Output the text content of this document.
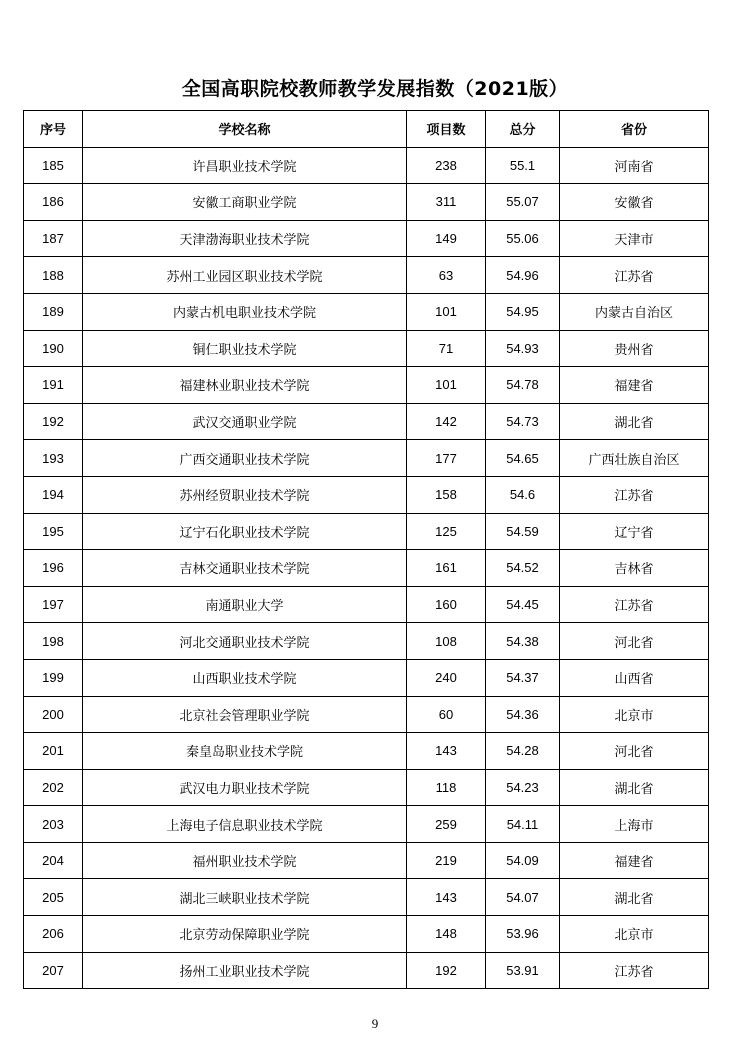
全国高职院校教师教学发展指数（2021版）
序号	学校名称	项目数	总分	省份
185	许昌职业技术学院	238	55.1	河南省
186	安徽工商职业学院	311	55.07	安徽省
187	天津渤海职业技术学院	149	55.06	天津市
188	苏州工业园区职业技术学院	63	54.96	江苏省
189	内蒙古机电职业技术学院	101	54.95	内蒙古自治区
190	铜仁职业技术学院	71	54.93	贵州省
191	福建林业职业技术学院	101	54.78	福建省
192	武汉交通职业学院	142	54.73	湖北省
193	广西交通职业技术学院	177	54.65	广西壮族自治区
194	苏州经贸职业技术学院	158	54.6	江苏省
195	辽宁石化职业技术学院	125	54.59	辽宁省
196	吉林交通职业技术学院	161	54.52	吉林省
197	南通职业大学	160	54.45	江苏省
198	河北交通职业技术学院	108	54.38	河北省
199	山西职业技术学院	240	54.37	山西省
200	北京社会管理职业学院	60	54.36	北京市
201	秦皇岛职业技术学院	143	54.28	河北省
202	武汉电力职业技术学院	118	54.23	湖北省
203	上海电子信息职业技术学院	259	54.11	上海市
204	福州职业技术学院	219	54.09	福建省
205	湖北三峡职业技术学院	143	54.07	湖北省
206	北京劳动保障职业学院	148	53.96	北京市
207	扬州工业职业技术学院	192	53.91	江苏省
9
